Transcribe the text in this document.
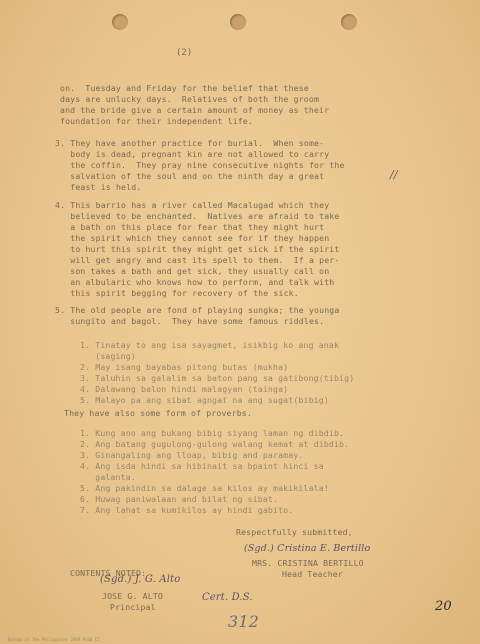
(2)
on.  Tuesday and Friday for the belief that these
days are unlucky days.  Relatives of both the groom
and the bride give a certain amount of money as their
foundation for their independent life.
3. They have another practice for burial.  When some-
body is dead, pregnant kin are not allowed to carry
the coffin.  They pray nine consecutive nights for the
salvation of the soul and on the ninth day a great
feast is held.
//
4. This barrio has a river called Macalugad which they
believed to be enchanted.  Natives are afraid to take
a bath on this place for fear that they might hurt
the spirit which they cannot see for if they happen
to hurt this spirit they might get sick if the spirit
will get angry and cast its spell to them.  If a per-
son takes a bath and get sick, they usually call on
an albularic who knows how to perform, and talk with
this spirit begging for recovery of the sick.
5. The old people are fond of playing sungka; the younga
sungito and bagol.  They have some famous riddles.
1. Tinatay to ang isa sayagmet, isikbig ko ang anak
(saging)
2. May isang bayabas pitong butas (mukha)
3. Taluhin sa galalim sa baton pang sa gatibong(tibig)
4. Dalawang balon hindi malagyan (tainga)
5. Malayo pa ang sibat agngat na ang sugat(bibig)
They have also some form of proverbs.
1. Kung ano ang bukang bibig siyang laman ng dibdib.
2. Ang batang gugulong-gulong walang kemat at dibdib.
3. Ginangaling ang lloap, bibig and paramay.
4. Ang isda hindi sa hibinait sa bpaint hinci sa
galanta.
5. Ang pakindin sa dalage sa kilos ay makikilala!
6. Huwag paniwalaan and bilat ng sibat.
7. Ang lahat sa kumikilos ay hindi gabito.
Respectfully submitted,
(Sgd.) Cristina E. Bertillo
MRS. CRISTINA BERTILLO
Head Teacher
CONTENTS NOTED:
(Sgd.) J. G. Alto
JOSE G. ALTO
Principal
Cert. D.S.
20
312
Bureau of the Philippines 2009 P100 C2
